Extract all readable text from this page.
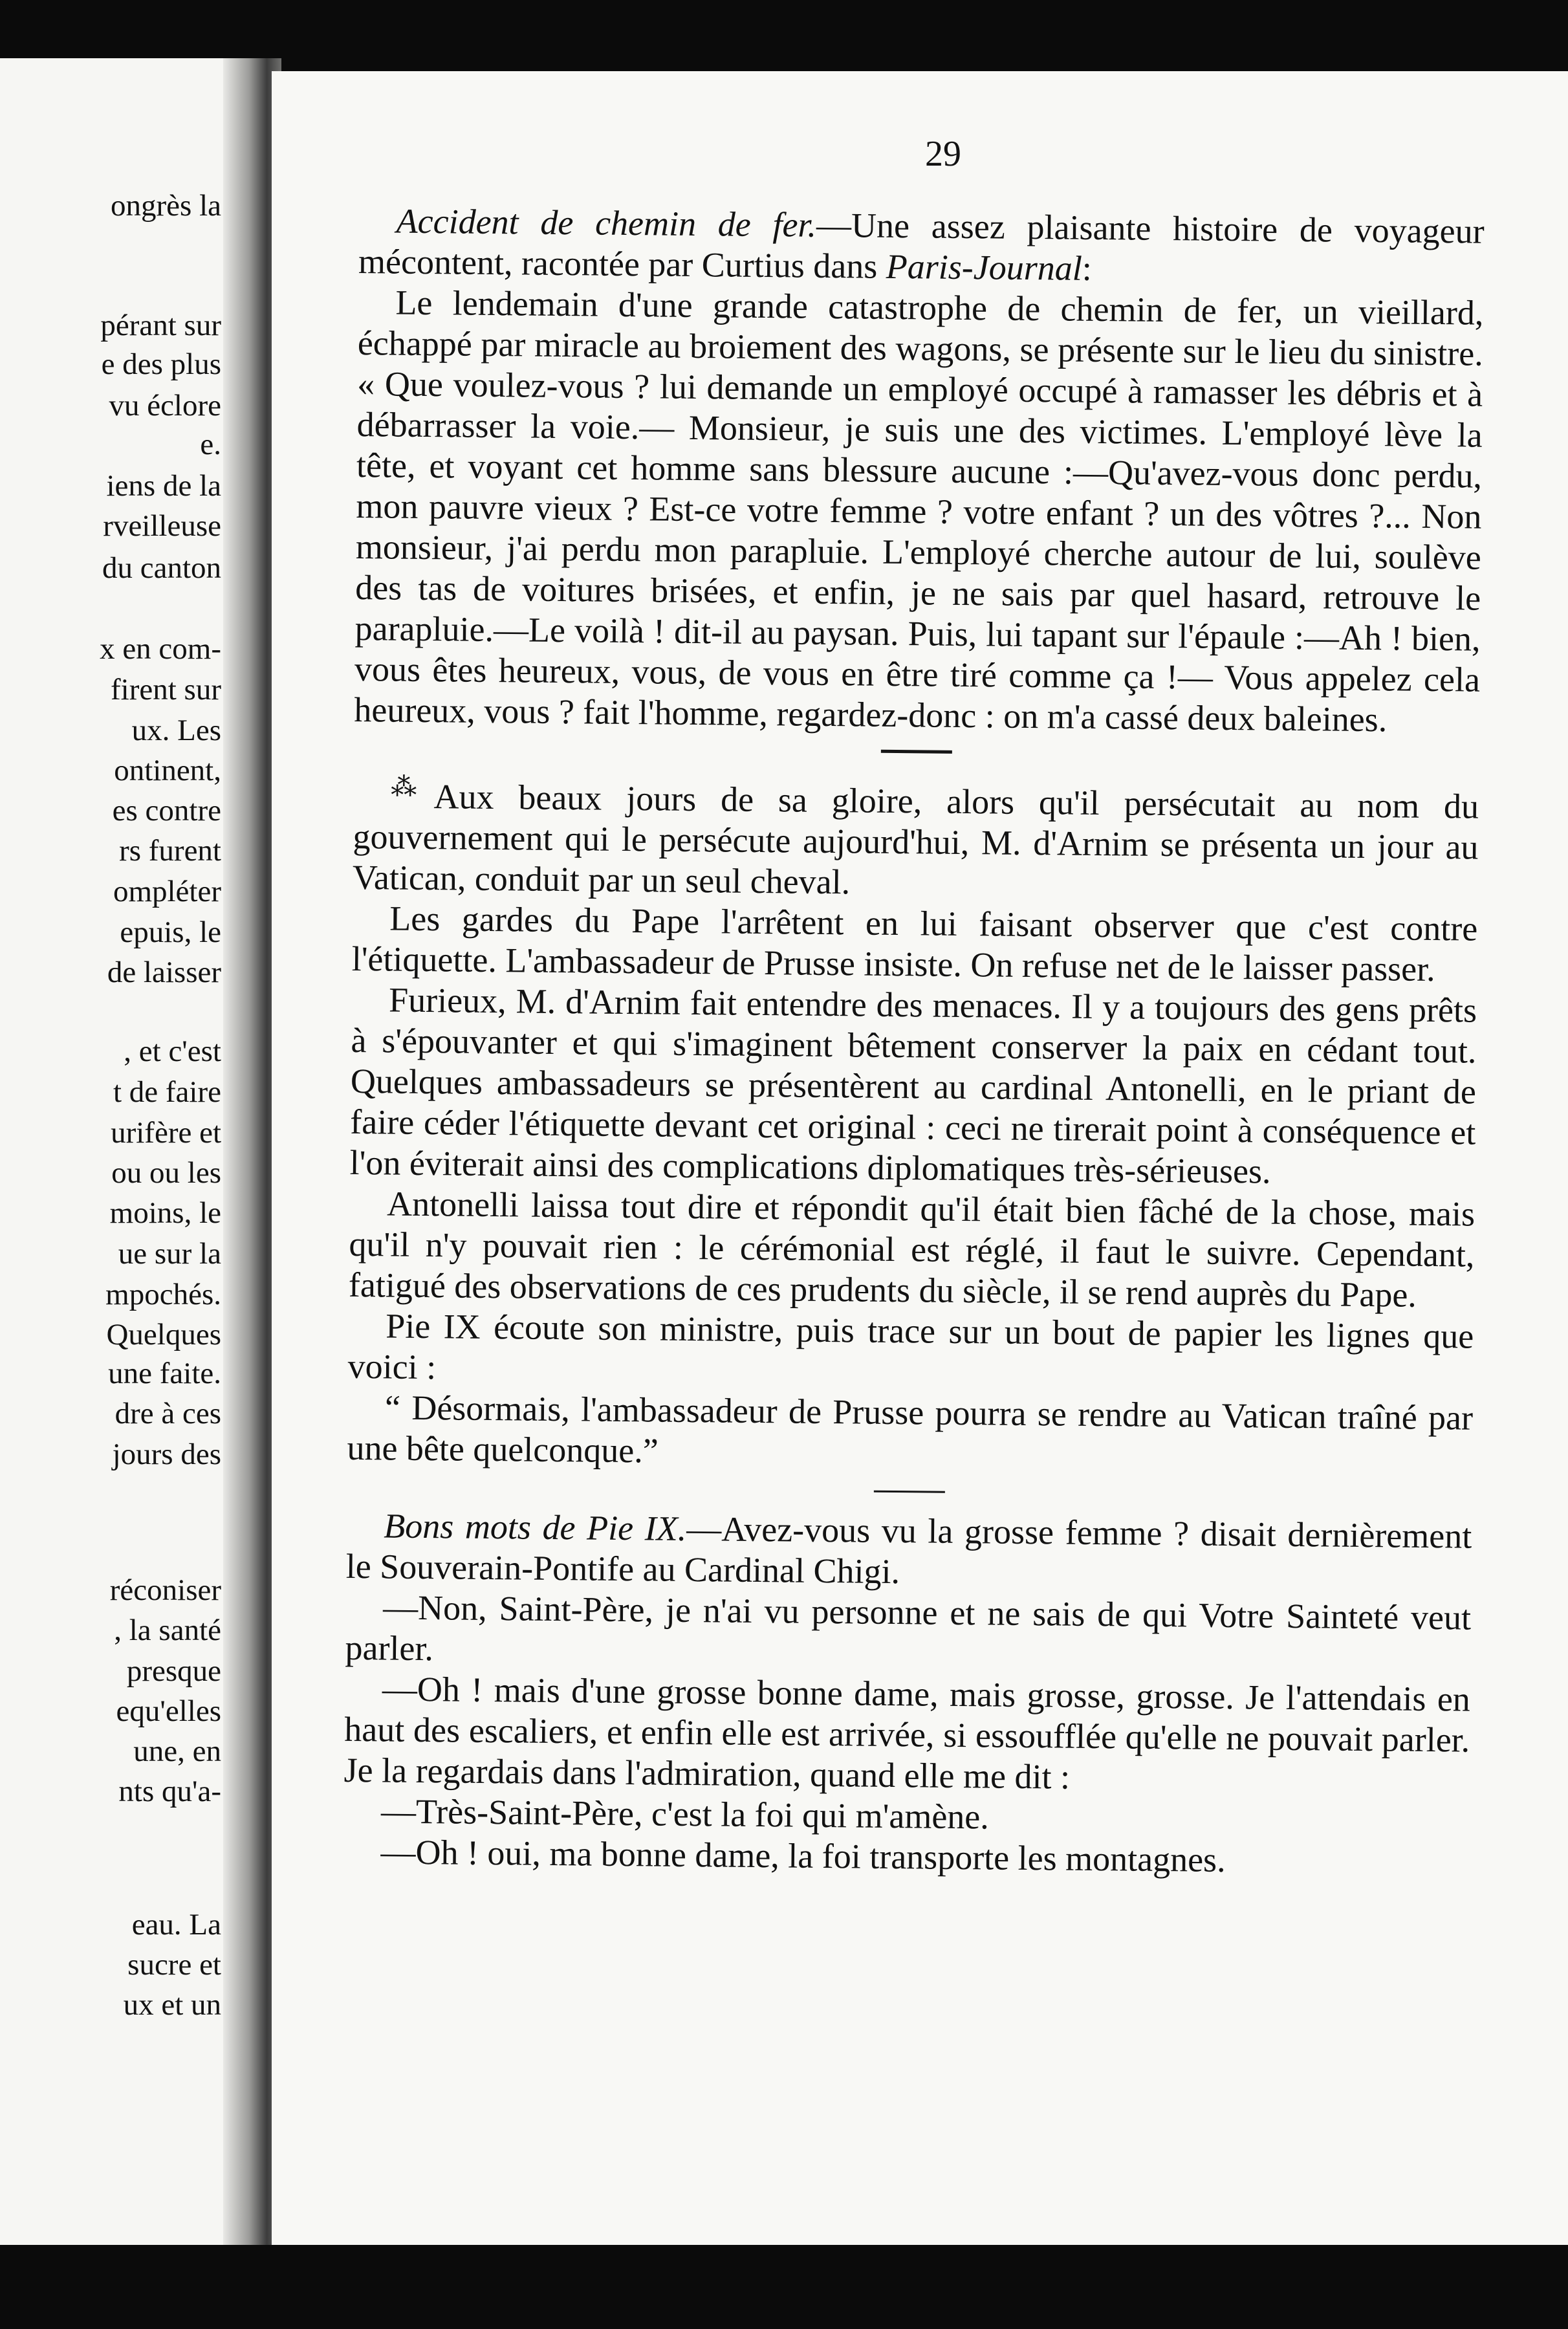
ongrès la
pérant sur
e des plus
vu éclore
e.
iens de la
rveilleuse
du canton
x en com-
firent sur
ux. Les
ontinent,
es contre
rs furent
ompléter
epuis, le
de laisser
, et c'est
t de faire
urifère et
ou ou les
moins, le
ue sur la
mpochés.
Quelques
une faite.
dre à ces
jours des
réconiser
, la santé
presque
equ'elles
une, en
nts qu'a-
eau. La
sucre et
ux et un
29

Accident de chemin de fer.—Une assez plaisante histoire de voyageur mécontent, racontée par Curtius dans Paris-Journal:

Le lendemain d'une grande catastrophe de chemin de fer, un vieillard, échappé par miracle au broiement des wagons, se présente sur le lieu du sinistre. « Que voulez-vous ? lui demande un employé occupé à ramasser les débris et à débarrasser la voie.— Monsieur, je suis une des victimes. L'employé lève la tête, et voyant cet homme sans blessure aucune :—Qu'avez-vous donc perdu, mon pauvre vieux ? Est-ce votre femme ? votre enfant ? un des vôtres ?... Non monsieur, j'ai perdu mon parapluie. L'employé cherche autour de lui, soulève des tas de voitures brisées, et enfin, je ne sais par quel hasard, retrouve le parapluie.—Le voilà ! dit-il au paysan. Puis, lui tapant sur l'épaule :—Ah ! bien, vous êtes heureux, vous, de vous en être tiré comme ça !— Vous appelez cela heureux, vous ? fait l'homme, regardez-donc : on m'a cassé deux baleines.

⁂Aux beaux jours de sa gloire, alors qu'il persécutait au nom du gouvernement qui le persécute aujourd'hui, M. d'Arnim se présenta un jour au Vatican, conduit par un seul cheval.

Les gardes du Pape l'arrêtent en lui faisant observer que c'est contre l'étiquette. L'ambassadeur de Prusse insiste. On refuse net de le laisser passer.

Furieux, M. d'Arnim fait entendre des menaces. Il y a toujours des gens prêts à s'épouvanter et qui s'imaginent bêtement conserver la paix en cédant tout. Quelques ambassadeurs se présentèrent au cardinal Antonelli, en le priant de faire céder l'étiquette devant cet original : ceci ne tirerait point à conséquence et l'on éviterait ainsi des complications diplomatiques très-sérieuses.

Antonelli laissa tout dire et répondit qu'il était bien fâché de la chose, mais qu'il n'y pouvait rien : le cérémonial est réglé, il faut le suivre. Cependant, fatigué des observations de ces prudents du siècle, il se rend auprès du Pape.

Pie IX écoute son ministre, puis trace sur un bout de papier les lignes que voici :

“ Désormais, l'ambassadeur de Prusse pourra se rendre au Vatican traîné par une bête quelconque.”

Bons mots de Pie IX.—Avez-vous vu la grosse femme ? disait dernièrement le Souverain-Pontife au Cardinal Chigi.

—Non, Saint-Père, je n'ai vu personne et ne sais de qui Votre Sainteté veut parler.

—Oh ! mais d'une grosse bonne dame, mais grosse, grosse. Je l'attendais en haut des escaliers, et enfin elle est arrivée, si essoufflée qu'elle ne pouvait parler. Je la regardais dans l'admiration, quand elle me dit :

—Très-Saint-Père, c'est la foi qui m'amène.

—Oh ! oui, ma bonne dame, la foi transporte les montagnes.
